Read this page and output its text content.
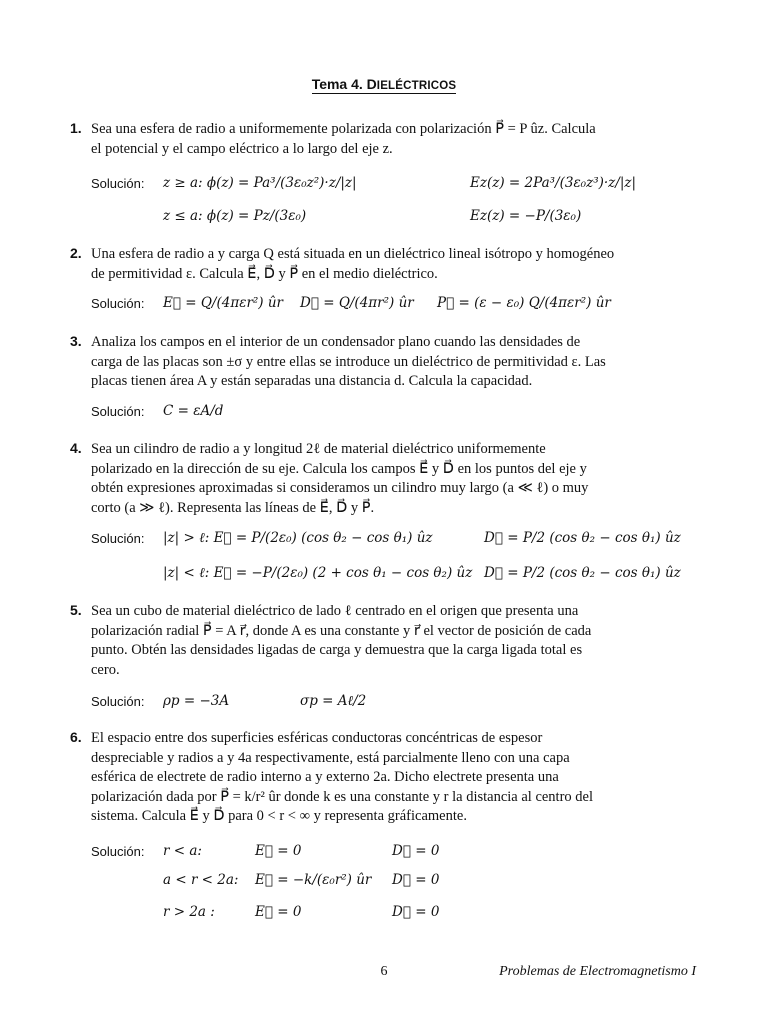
Tema 4. DIELÉCTRICOS
1. Sea una esfera de radio a uniformemente polarizada con polarización P⃗ = P ûz. Calcula
el potencial y el campo eléctrico a lo largo del eje z.
Solución: z ≥ a: ϕ(z) = Pa³/(3ε₀z²)·z/|z|	Ez(z) = 2Pa³/(3ε₀z³)·z/|z|
z ≤ a: ϕ(z) = Pz/(3ε₀)	Ez(z) = −P/(3ε₀)
2. Una esfera de radio a y carga Q está situada en un dieléctrico lineal isótropo y homogéneo
de permitividad ε. Calcula E⃗, D⃗ y P⃗ en el medio dieléctrico.
Solución: E⃗ = Q/(4πεr²) ûr D⃗ = Q/(4πr²) ûr P⃗ = (ε − ε₀) Q/(4πεr²) ûr
3. Analiza los campos en el interior de un condensador plano cuando las densidades de
carga de las placas son ±σ y entre ellas se introduce un dieléctrico de permitividad ε. Las
placas tienen área A y están separadas una distancia d. Calcula la capacidad.
Solución: C = εA/d
4. Sea un cilindro de radio a y longitud 2ℓ de material dieléctrico uniformemente
polarizado en la dirección de su eje. Calcula los campos E⃗ y D⃗ en los puntos del eje y
obtén expresiones aproximadas si consideramos un cilindro muy largo (a ≪ ℓ) o muy
corto (a ≫ ℓ). Representa las líneas de E⃗, D⃗ y P⃗.
Solución: |z| > ℓ: E⃗ = P/(2ε₀) (cos θ₂ − cos θ₁) ûz	D⃗ = P/2 (cos θ₂ − cos θ₁) ûz
|z| < ℓ: E⃗ = −P/(2ε₀) (2 + cos θ₁ − cos θ₂) ûz D⃗ = P/2 (cos θ₂ − cos θ₁) ûz
5. Sea un cubo de material dieléctrico de lado ℓ centrado en el origen que presenta una
polarización radial P⃗ = A r⃗, donde A es una constante y r⃗ el vector de posición de cada
punto. Obtén las densidades ligadas de carga y demuestra que la carga ligada total es
cero.
Solución: ρp = −3A	σp = Aℓ/2
6. El espacio entre dos superficies esféricas conductoras concéntricas de espesor
despreciable y radios a y 4a respectivamente, está parcialmente lleno con una capa
esférica de electrete de radio interno a y externo 2a. Dicho electrete presenta una
polarización dada por P⃗ = k/r² ûr donde k es una constante y r la distancia al centro del
sistema. Calcula E⃗ y D⃗ para 0 < r < ∞ y representa gráficamente.
Solución: r < a:	E⃗ = 0	D⃗ = 0
a < r < 2a: E⃗ = −k/(ε₀r²) ûr D⃗ = 0
r > 2a :	E⃗ = 0	D⃗ = 0
6	Problemas de Electromagnetismo I
